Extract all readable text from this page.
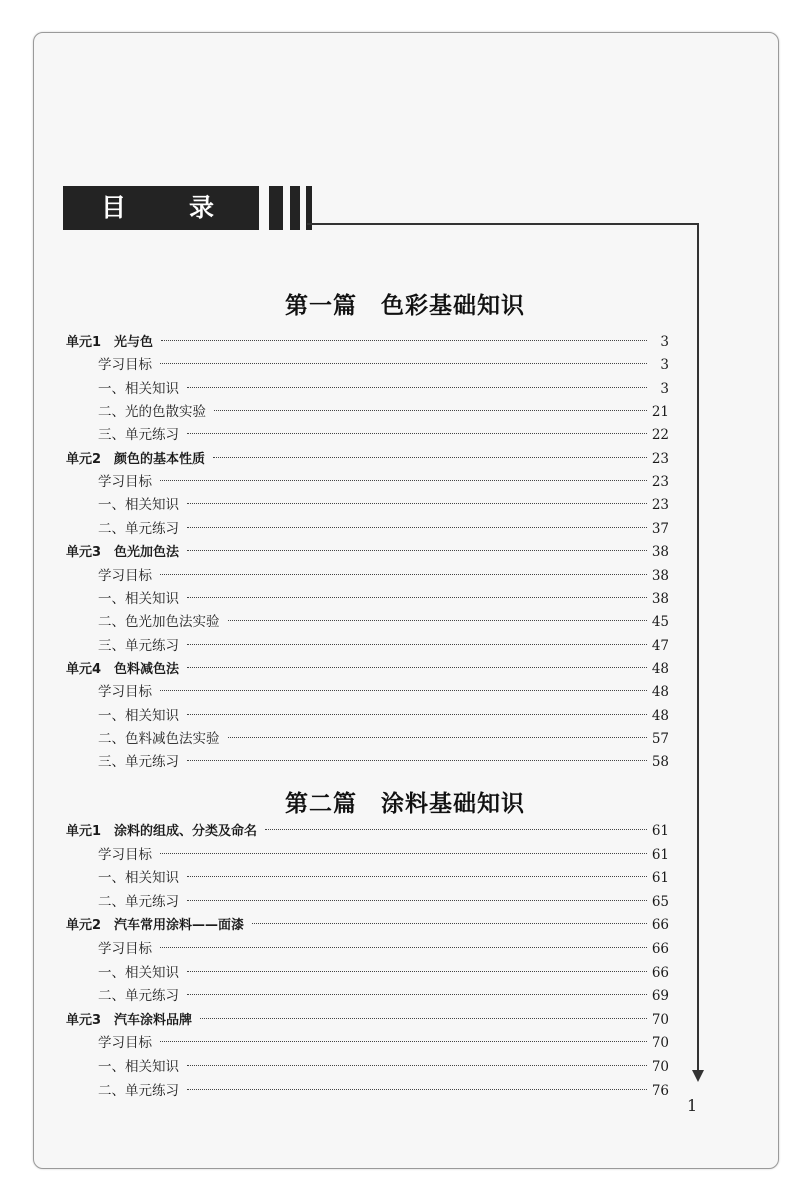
目	录
第一篇　色彩基础知识
单元1　光与色	3
学习目标	3
一、相关知识	3
二、光的色散实验	21
三、单元练习	22
单元2　颜色的基本性质	23
学习目标	23
一、相关知识	23
二、单元练习	37
单元3　色光加色法	38
学习目标	38
一、相关知识	38
二、色光加色法实验	45
三、单元练习	47
单元4　色料减色法	48
学习目标	48
一、相关知识	48
二、色料减色法实验	57
三、单元练习	58
第二篇　涂料基础知识
单元1　涂料的组成、分类及命名	61
学习目标	61
一、相关知识	61
二、单元练习	65
单元2　汽车常用涂料——面漆	66
学习目标	66
一、相关知识	66
二、单元练习	69
单元3　汽车涂料品牌	70
学习目标	70
一、相关知识	70
二、单元练习	76
1
